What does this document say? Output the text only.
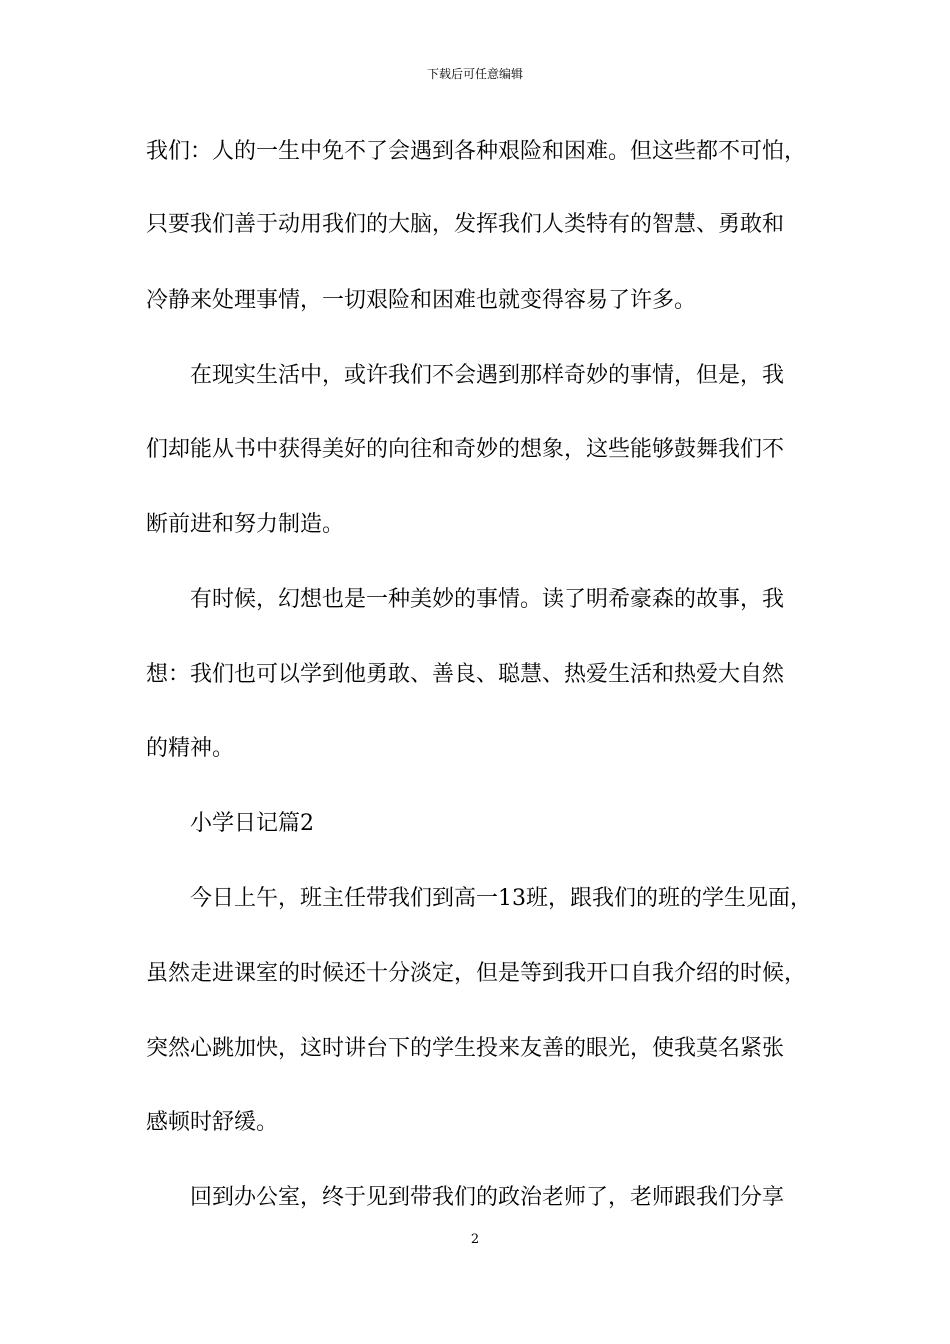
下载后可任意编辑
我们：人的一生中免不了会遇到各种艰险和困难。但这些都不可怕，
只要我们善于动用我们的大脑，发挥我们人类特有的智慧、勇敢和
冷静来处理事情，一切艰险和困难也就变得容易了许多。
　　在现实生活中，或许我们不会遇到那样奇妙的事情，但是，我
们却能从书中获得美好的向往和奇妙的想象，这些能够鼓舞我们不
断前进和努力制造。
　　有时候，幻想也是一种美妙的事情。读了明希豪森的故事，我
想：我们也可以学到他勇敢、善良、聪慧、热爱生活和热爱大自然
的精神。
　　小学日记篇2
　　今日上午，班主任带我们到高一13班，跟我们的班的学生见面，
虽然走进课室的时候还十分淡定，但是等到我开口自我介绍的时候，
突然心跳加快，这时讲台下的学生投来友善的眼光，使我莫名紧张
感顿时舒缓。
　　回到办公室，终于见到带我们的政治老师了，老师跟我们分享
2
